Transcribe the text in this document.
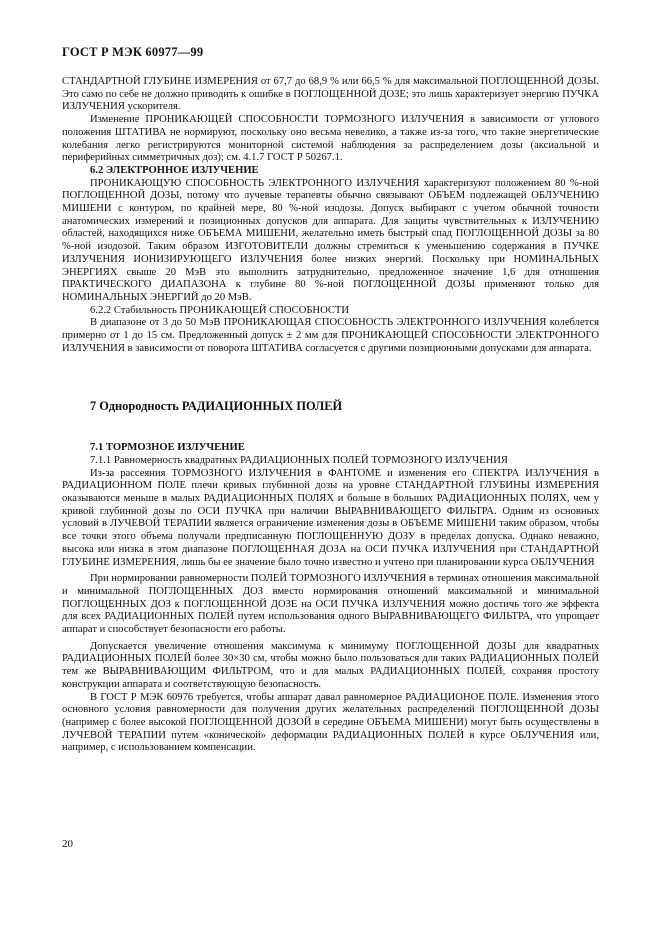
ГОСТ Р МЭК 60977—99

СТАНДАРТНОЙ ГЛУБИНЕ ИЗМЕРЕНИЯ от 67,7 до 68,9 % или 66,5 % для максимальной ПОГЛОЩЕННОЙ ДОЗЫ. Это само по себе не должно приводить к ошибке в ПОГЛОЩЕННОЙ ДОЗЕ; это лишь характеризует энергию ПУЧКА ИЗЛУЧЕНИЯ ускорителя.

Изменение ПРОНИКАЮЩЕЙ СПОСОБНОСТИ ТОРМОЗНОГО ИЗЛУЧЕНИЯ в зависимости от углового положения ШТАТИВА не нормируют, поскольку оно весьма невелико, а также из-за того, что такие энергетические колебания легко регистрируются мониторной системой наблюдения за распределением дозы (аксиальной и периферийных симметричных доз); см. 4.1.7 ГОСТ Р 50267.1.

6.2 ЭЛЕКТРОННОЕ ИЗЛУЧЕНИЕ

ПРОНИКАЮЩУЮ СПОСОБНОСТЬ ЭЛЕКТРОННОГО ИЗЛУЧЕНИЯ характеризуют положением 80 %-ной ПОГЛОЩЕННОЙ ДОЗЫ, потому что лучевые терапевты обычно связывают ОБЪЕМ подлежащей ОБЛУЧЕНИЮ МИШЕНИ с контуром, по крайней мере, 80 %-ной изодозы. Допуск выбирают с учетом обычной точности анатомических измерений и позиционных допусков для аппарата. Для защиты чувствительных к ИЗЛУЧЕНИЮ областей, находящихся ниже ОБЪЕМА МИШЕНИ, желательно иметь быстрый спад ПОГЛОЩЕННОЙ ДОЗЫ за 80 %-ной изодозой. Таким образом ИЗГОТОВИТЕЛИ должны стремиться к уменьшению содержания в ПУЧКЕ ИЗЛУЧЕНИЯ ИОНИЗИРУЮЩЕГО ИЗЛУЧЕНИЯ более низких энергий. Поскольку при НОМИНАЛЬНЫХ ЭНЕРГИЯХ свыше 20 МэВ это выполнить затруднительно, предложенное значение 1,6 для отношения ПРАКТИЧЕСКОГО ДИАПАЗОНА к глубине 80 %-ной ПОГЛОЩЕННОЙ ДОЗЫ применяют только для НОМИНАЛЬНЫХ ЭНЕРГИЙ до 20 МэВ.

6.2.2 Стабильность ПРОНИКАЮЩЕЙ СПОСОБНОСТИ

В диапазоне от 3 до 50 МэВ ПРОНИКАЮЩАЯ СПОСОБНОСТЬ ЭЛЕКТРОННОГО ИЗЛУЧЕНИЯ колеблется примерно от 1 до 15 см. Предложенный допуск ± 2 мм для ПРОНИКАЮЩЕЙ СПОСОБНОСТИ ЭЛЕКТРОННОГО ИЗЛУЧЕНИЯ в зависимости от поворота ШТАТИВА согласуется с другими позиционными допусками для аппарата.

7 Однородность РАДИАЦИОННЫХ ПОЛЕЙ

7.1 ТОРМОЗНОЕ ИЗЛУЧЕНИЕ

7.1.1 Равномерность квадратных РАДИАЦИОННЫХ ПОЛЕЙ ТОРМОЗНОГО ИЗЛУЧЕНИЯ

Из-за рассеяния ТОРМОЗНОГО ИЗЛУЧЕНИЯ в ФАНТОМЕ и изменения его СПЕКТРА ИЗЛУЧЕНИЯ в РАДИАЦИОННОМ ПОЛЕ плечи кривых глубинной дозы на уровне СТАНДАРТНОЙ ГЛУБИНЫ ИЗМЕРЕНИЯ оказываются меньше в малых РАДИАЦИОННЫХ ПОЛЯХ и больше в больших РАДИАЦИОННЫХ ПОЛЯХ, чем у кривой глубинной дозы по ОСИ ПУЧКА при наличии ВЫРАВНИВАЮЩЕГО ФИЛЬТРА. Одним из основных условий в ЛУЧЕВОЙ ТЕРАПИИ является ограничение изменения дозы в ОБЪЕМЕ МИШЕНИ таким образом, чтобы все точки этого объема получали предписанную ПОГЛОЩЕННУЮ ДОЗУ в пределах допуска. Однако неважно, высока или низка в этом диапазоне ПОГЛОЩЕННАЯ ДОЗА на ОСИ ПУЧКА ИЗЛУЧЕНИЯ при СТАНДАРТНОЙ ГЛУБИНЕ ИЗМЕРЕНИЯ, лишь бы ее значение было точно известно и учтено при планировании курса ОБЛУЧЕНИЯ

При нормировании равномерности ПОЛЕЙ ТОРМОЗНОГО ИЗЛУЧЕНИЯ в терминах отношения максимальной и минимальной ПОГЛОЩЕННЫХ ДОЗ вместо нормирования отношений максимальной и минимальной ПОГЛОЩЕННЫХ ДОЗ к ПОГЛОЩЕННОЙ ДОЗЕ на ОСИ ПУЧКА ИЗЛУЧЕНИЯ можно достичь того же эффекта для всех РАДИАЦИОННЫХ ПОЛЕЙ путем использования одного ВЫРАВНИВАЮЩЕГО ФИЛЬТРА, что упрощает аппарат и способствует безопасности его работы.

Допускается увеличение отношения максимума к минимуму ПОГЛОЩЕННОЙ ДОЗЫ для квадратных РАДИАЦИОННЫХ ПОЛЕЙ более 30×30 см, чтобы можно было пользоваться для таких РАДИАЦИОННЫХ ПОЛЕЙ тем же ВЫРАВНИВАЮЩИМ ФИЛЬТРОМ, что и для малых РАДИАЦИОННЫХ ПОЛЕЙ, сохраняя простоту конструкции аппарата и соответствующую безопасность.

В ГОСТ Р МЭК 60976 требуется, чтобы аппарат давал равномерное РАДИАЦИОНОЕ ПОЛЕ. Изменения этого основного условия равномерности для получения других желательных распределений ПОГЛОЩЕННОЙ ДОЗЫ (например с более высокой ПОГЛОЩЕННОЙ ДОЗОЙ в середине ОБЪЕМА МИШЕНИ) могут быть осуществлены в ЛУЧЕВОЙ ТЕРАПИИ путем «конической» деформации РАДИАЦИОННЫХ ПОЛЕЙ в курсе ОБЛУЧЕНИЯ или, например, с использованием компенсации.

20
